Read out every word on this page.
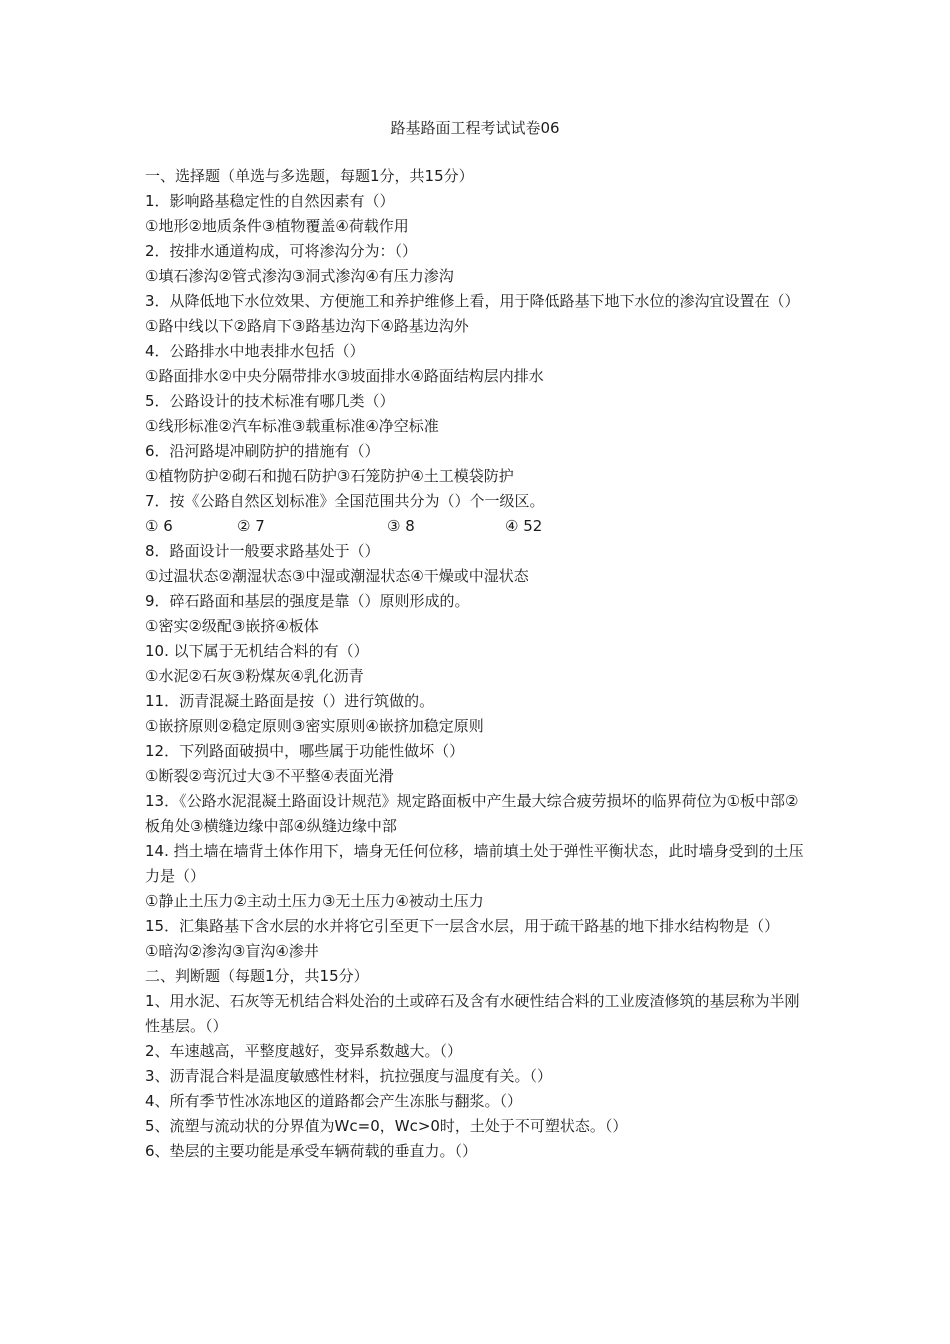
路基路面工程考试试卷06
一、选择题（单选与多选题，每题1分，共15分）
1．影响路基稳定性的自然因素有（）
①地形②地质条件③植物覆盖④荷载作用
2．按排水通道构成，可将渗沟分为：（）
①填石渗沟②管式渗沟③洞式渗沟④有压力渗沟
3．从降低地下水位效果、方便施工和养护维修上看，用于降低路基下地下水位的渗沟宜设置在（）
①路中线以下②路肩下③路基边沟下④路基边沟外
4．公路排水中地表排水包括（）
①路面排水②中央分隔带排水③坡面排水④路面结构层内排水
5．公路设计的技术标准有哪几类（）
①线形标准②汽车标准③载重标准④净空标准
6．沿河路堤冲刷防护的措施有（）
①植物防护②砌石和抛石防护③石笼防护④土工模袋防护
7．按《公路自然区划标准》全国范围共分为（）个一级区。
① 6	② 7	③ 8	④ 52
8．路面设计一般要求路基处于（）
①过温状态②潮湿状态③中湿或潮湿状态④干燥或中湿状态
9．碎石路面和基层的强度是靠（）原则形成的。
①密实②级配③嵌挤④板体
10. 以下属于无机结合料的有（）
①水泥②石灰③粉煤灰④乳化沥青
11．沥青混凝土路面是按（）进行筑做的。
①嵌挤原则②稳定原则③密实原则④嵌挤加稳定原则
12．下列路面破损中，哪些属于功能性做坏（）
①断裂②弯沉过大③不平整④表面光滑
13．《公路水泥混凝土路面设计规范》规定路面板中产生最大综合疲劳损坏的临界荷位为①板中部②板角处③横缝边缘中部④纵缝边缘中部
14. 挡土墙在墙背土体作用下，墙身无任何位移，墙前填土处于弹性平衡状态，此时墙身受到的土压力是（）
①静止土压力②主动土压力③无土压力④被动土压力
15．汇集路基下含水层的水并将它引至更下一层含水层，用于疏干路基的地下排水结构物是（）
①暗沟②渗沟③盲沟④渗井
二、判断题（每题1分，共15分）
1、用水泥、石灰等无机结合料处治的土或碎石及含有水硬性结合料的工业废渣修筑的基层称为半刚性基层。（）
2、车速越高，平整度越好，变异系数越大。（）
3、沥青混合料是温度敏感性材料，抗拉强度与温度有关。（）
4、所有季节性冰冻地区的道路都会产生冻胀与翻浆。（）
5、流塑与流动状的分界值为Wc=0，Wc>0时，土处于不可塑状态。（）
6、垫层的主要功能是承受车辆荷载的垂直力。（）
